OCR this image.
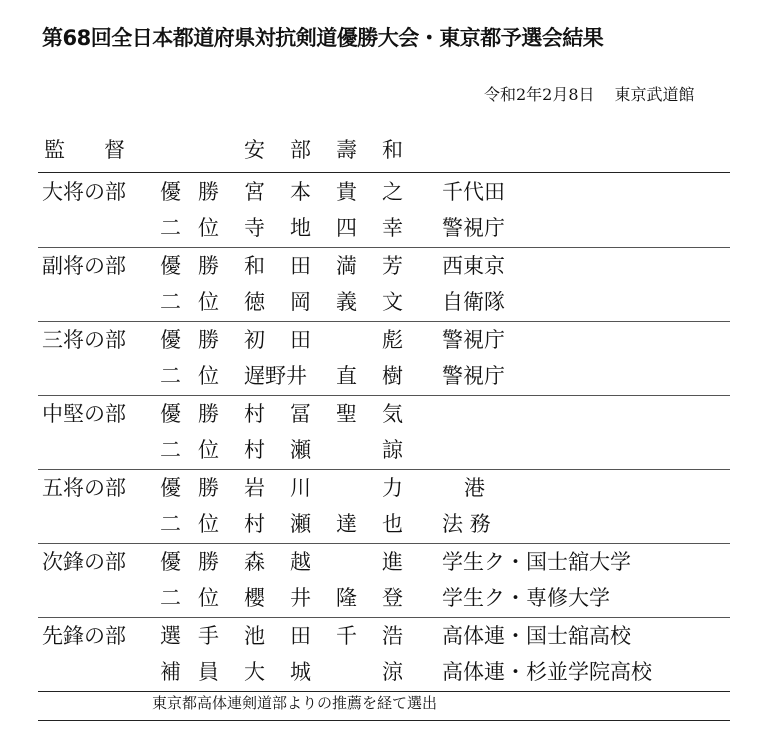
第68回全日本都道府県対抗剣道優勝大会・東京都予選会結果
令和2年2月8日 東京武道館
監 督	安 部 壽 和
大将の部 優 勝 宮 本 貴 之 千代田
二 位 寺 地 四 幸 警視庁
副将の部 優 勝 和 田 満 芳 西東京
二 位 徳 岡 義 文 自衛隊
三将の部 優 勝 初 田	彪 警視庁
二 位 遅野井 直 樹 警視庁
中堅の部 優 勝 村 冨 聖 気
二 位 村 瀬	諒
五将の部 優 勝 岩 川	力	港
二 位 村 瀬 達 也 法 務
次鋒の部 優 勝 森 越	進 学生ク・国士舘大学
二 位 櫻 井 隆 登 学生ク・専修大学
先鋒の部 選 手 池 田 千 浩 高体連・国士舘高校
補 員 大 城	涼 高体連・杉並学院高校
東京都高体連剣道部よりの推薦を経て選出
